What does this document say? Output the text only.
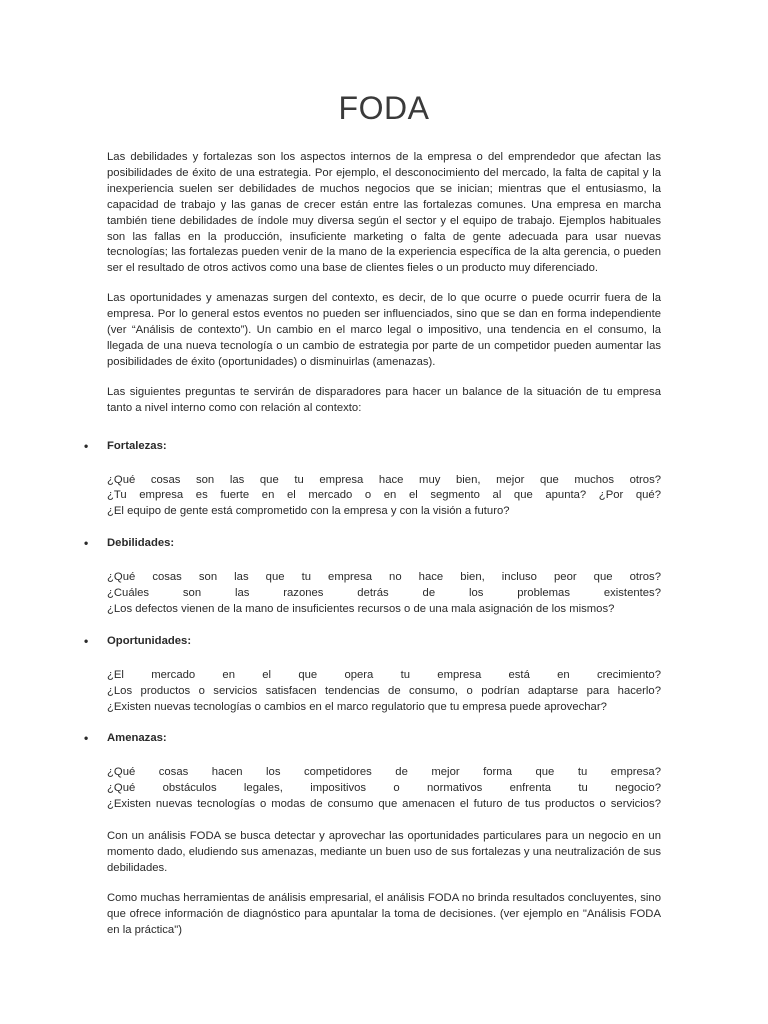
FODA

Las debilidades y fortalezas son los aspectos internos de la empresa o del emprendedor que afectan las posibilidades de éxito de una estrategia. Por ejemplo, el desconocimiento del mercado, la falta de capital y la inexperiencia suelen ser debilidades de muchos negocios que se inician; mientras que el entusiasmo, la capacidad de trabajo y las ganas de crecer están entre las fortalezas comunes. Una empresa en marcha también tiene debilidades de índole muy diversa según el sector y el equipo de trabajo. Ejemplos habituales son las fallas en la producción, insuficiente marketing o falta de gente adecuada para usar nuevas tecnologías; las fortalezas pueden venir de la mano de la experiencia específica de la alta gerencia, o pueden ser el resultado de otros activos como una base de clientes fieles o un producto muy diferenciado.

Las oportunidades y amenazas surgen del contexto, es decir, de lo que ocurre o puede ocurrir fuera de la empresa. Por lo general estos eventos no pueden ser influenciados, sino que se dan en forma independiente (ver “Análisis de contexto”). Un cambio en el marco legal o impositivo, una tendencia en el consumo, la llegada de una nueva tecnología o un cambio de estrategia por parte de un competidor pueden aumentar las posibilidades de éxito (oportunidades) o disminuirlas (amenazas).

Las siguientes preguntas te servirán de disparadores para hacer un balance de la situación de tu empresa tanto a nivel interno como con relación al contexto:

• Fortalezas:
¿Qué cosas son las que tu empresa hace muy bien, mejor que muchos otros?
¿Tu empresa es fuerte en el mercado o en el segmento al que apunta? ¿Por qué?
¿El equipo de gente está comprometido con la empresa y con la visión a futuro?
• Debilidades:
¿Qué cosas son las que tu empresa no hace bien, incluso peor que otros?
¿Cuáles son las razones detrás de los problemas existentes?
¿Los defectos vienen de la mano de insuficientes recursos o de una mala asignación de los mismos?
• Oportunidades:
¿El mercado en el que opera tu empresa está en crecimiento?
¿Los productos o servicios satisfacen tendencias de consumo, o podrían adaptarse para hacerlo?
¿Existen nuevas tecnologías o cambios en el marco regulatorio que tu empresa puede aprovechar?
• Amenazas:
¿Qué cosas hacen los competidores de mejor forma que tu empresa?
¿Qué obstáculos legales, impositivos o normativos enfrenta tu negocio?
¿Existen nuevas tecnologías o modas de consumo que amenacen el futuro de tus productos o servicios?

Con un análisis FODA se busca detectar y aprovechar las oportunidades particulares para un negocio en un momento dado, eludiendo sus amenazas, mediante un buen uso de sus fortalezas y una neutralización de sus debilidades.

Como muchas herramientas de análisis empresarial, el análisis FODA no brinda resultados concluyentes, sino que ofrece información de diagnóstico para apuntalar la toma de decisiones. (ver ejemplo en "Análisis FODA en la práctica")
